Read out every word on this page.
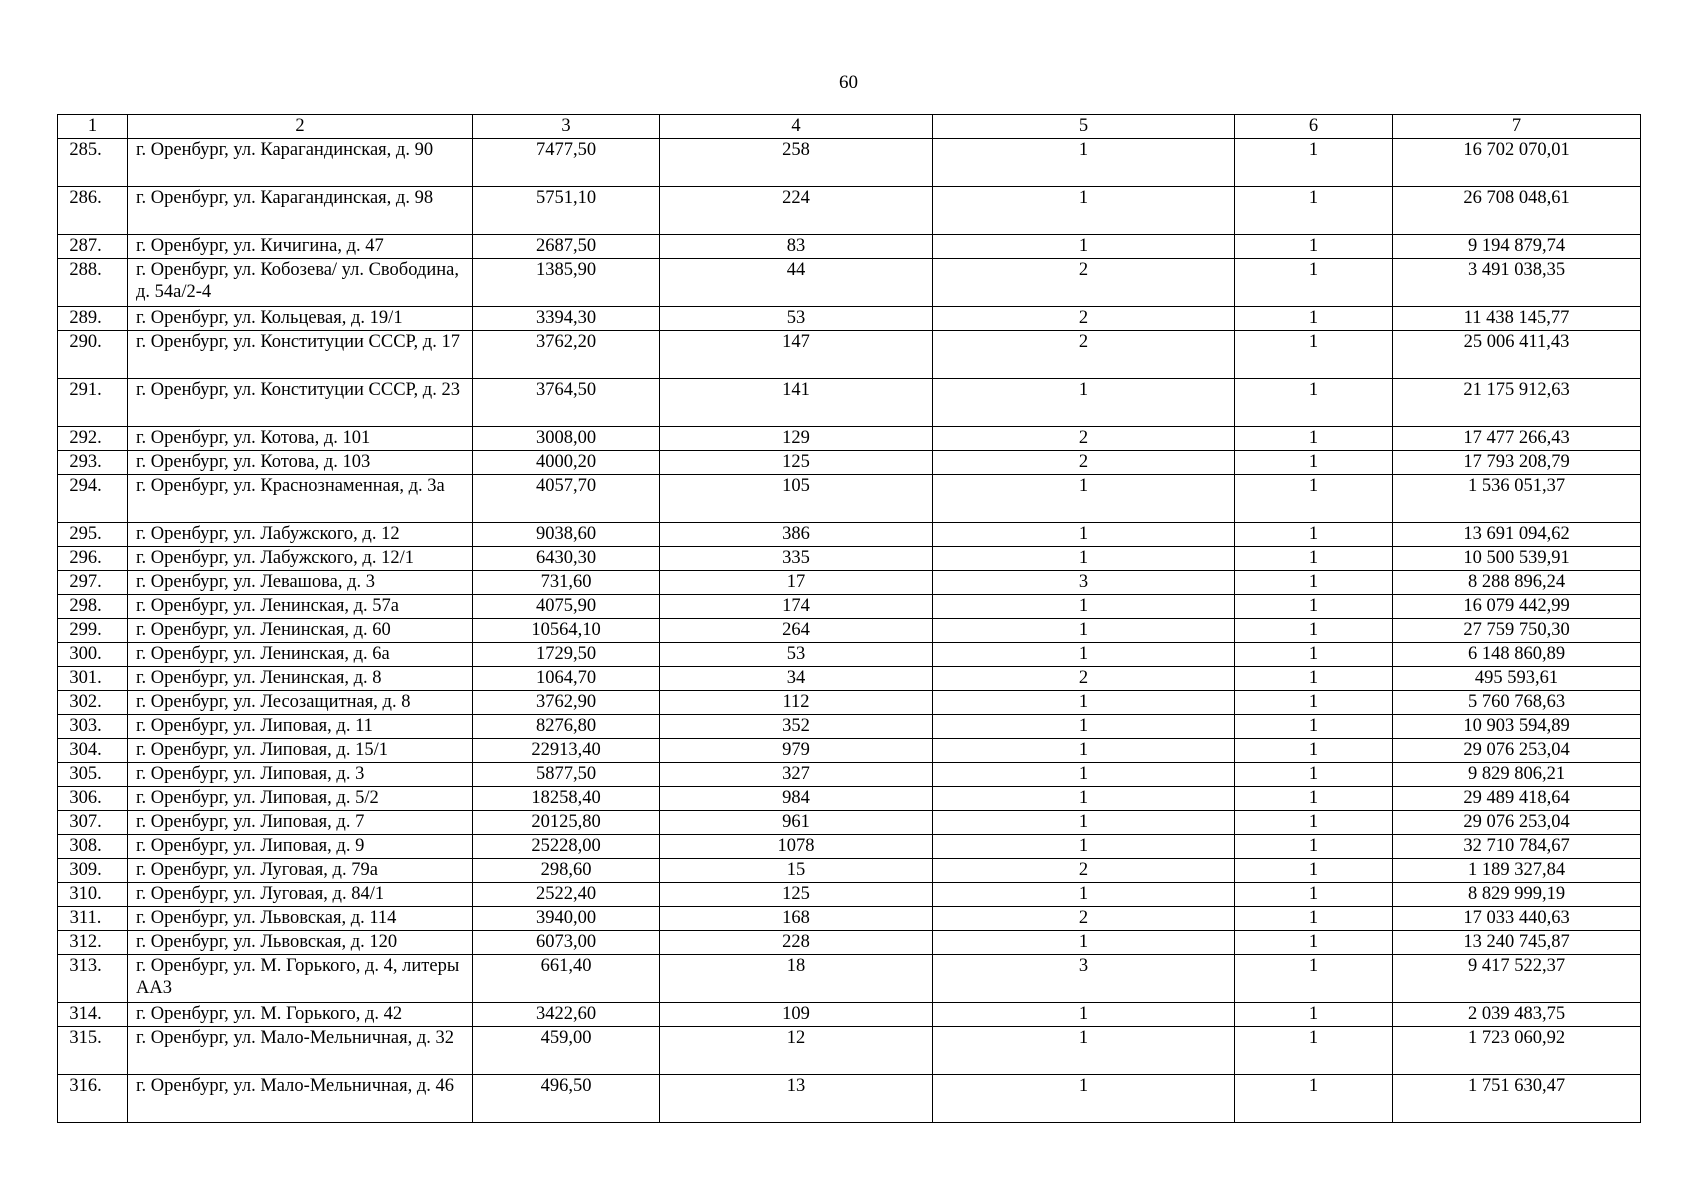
60
1	2	3	4	5	6	7
285.	г. Оренбург, ул. Карагандинская, д. 90	7477,50	258	1	1	16 702 070,01
286.	г. Оренбург, ул. Карагандинская, д. 98	5751,10	224	1	1	26 708 048,61
287.	г. Оренбург, ул. Кичигина, д. 47	2687,50	83	1	1	9 194 879,74
288.	г. Оренбург, ул. Кобозева/ ул. Свободина, д. 54а/2-4	1385,90	44	2	1	3 491 038,35
289.	г. Оренбург, ул. Кольцевая, д. 19/1	3394,30	53	2	1	11 438 145,77
290.	г. Оренбург, ул. Конституции СССР, д. 17	3762,20	147	2	1	25 006 411,43
291.	г. Оренбург, ул. Конституции СССР, д. 23	3764,50	141	1	1	21 175 912,63
292.	г. Оренбург, ул. Котова, д. 101	3008,00	129	2	1	17 477 266,43
293.	г. Оренбург, ул. Котова, д. 103	4000,20	125	2	1	17 793 208,79
294.	г. Оренбург, ул. Краснознаменная, д. 3а	4057,70	105	1	1	1 536 051,37
295.	г. Оренбург, ул. Лабужского, д. 12	9038,60	386	1	1	13 691 094,62
296.	г. Оренбург, ул. Лабужского, д. 12/1	6430,30	335	1	1	10 500 539,91
297.	г. Оренбург, ул. Левашова, д. 3	731,60	17	3	1	8 288 896,24
298.	г. Оренбург, ул. Ленинская, д. 57а	4075,90	174	1	1	16 079 442,99
299.	г. Оренбург, ул. Ленинская, д. 60	10564,10	264	1	1	27 759 750,30
300.	г. Оренбург, ул. Ленинская, д. 6а	1729,50	53	1	1	6 148 860,89
301.	г. Оренбург, ул. Ленинская, д. 8	1064,70	34	2	1	495 593,61
302.	г. Оренбург, ул. Лесозащитная, д. 8	3762,90	112	1	1	5 760 768,63
303.	г. Оренбург, ул. Липовая, д. 11	8276,80	352	1	1	10 903 594,89
304.	г. Оренбург, ул. Липовая, д. 15/1	22913,40	979	1	1	29 076 253,04
305.	г. Оренбург, ул. Липовая, д. 3	5877,50	327	1	1	9 829 806,21
306.	г. Оренбург, ул. Липовая, д. 5/2	18258,40	984	1	1	29 489 418,64
307.	г. Оренбург, ул. Липовая, д. 7	20125,80	961	1	1	29 076 253,04
308.	г. Оренбург, ул. Липовая, д. 9	25228,00	1078	1	1	32 710 784,67
309.	г. Оренбург, ул. Луговая, д. 79а	298,60	15	2	1	1 189 327,84
310.	г. Оренбург, ул. Луговая, д. 84/1	2522,40	125	1	1	8 829 999,19
311.	г. Оренбург, ул. Львовская, д. 114	3940,00	168	2	1	17 033 440,63
312.	г. Оренбург, ул. Львовская, д. 120	6073,00	228	1	1	13 240 745,87
313.	г. Оренбург, ул. М. Горького, д. 4, литеры АА3	661,40	18	3	1	9 417 522,37
314.	г. Оренбург, ул. М. Горького, д. 42	3422,60	109	1	1	2 039 483,75
315.	г. Оренбург, ул. Мало-Мельничная, д. 32	459,00	12	1	1	1 723 060,92
316.	г. Оренбург, ул. Мало-Мельничная, д. 46	496,50	13	1	1	1 751 630,47
